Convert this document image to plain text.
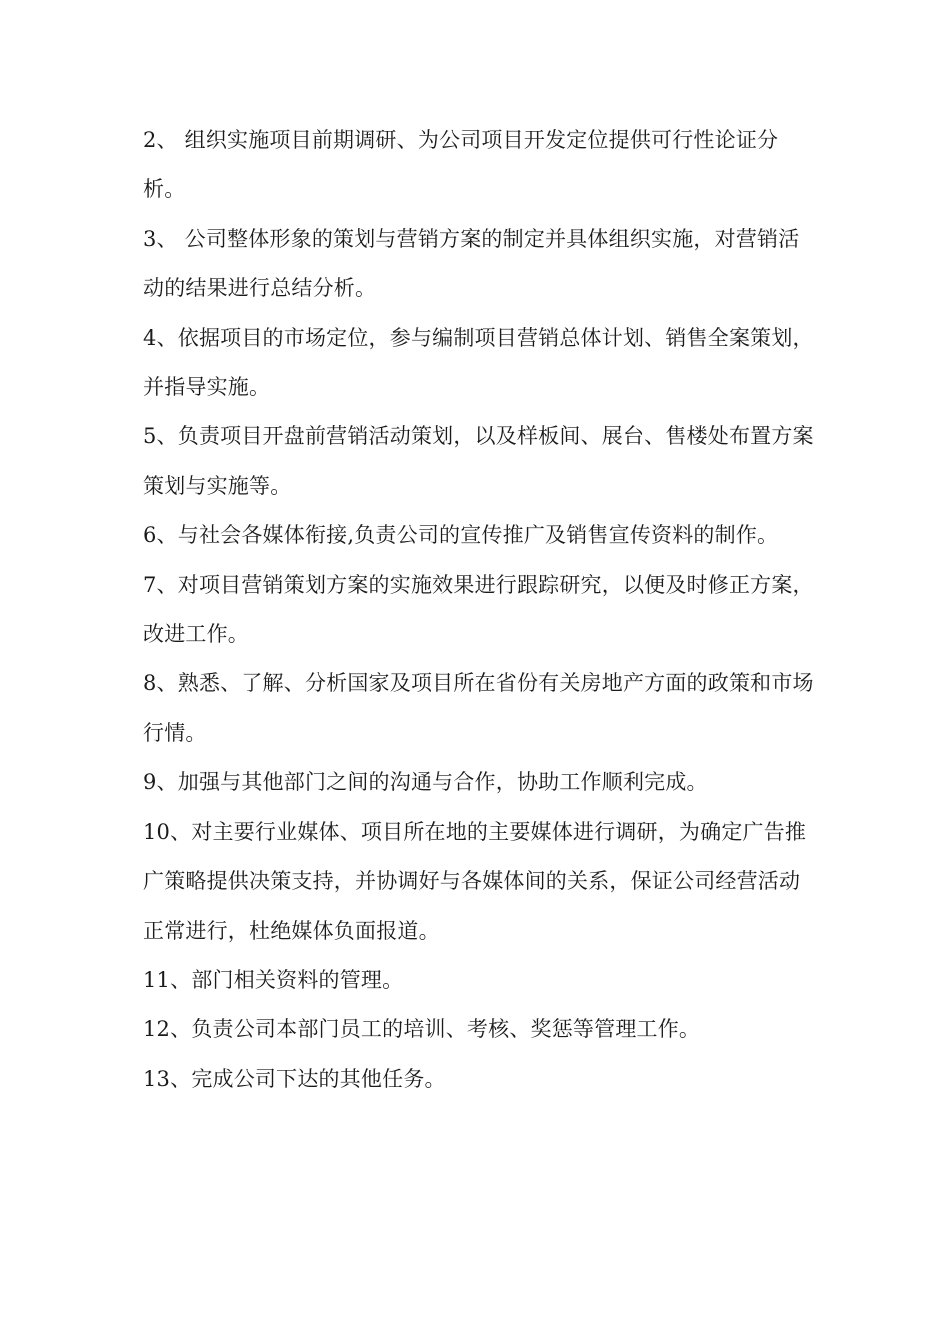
2、 组织实施项目前期调研、为公司项目开发定位提供可行性论证分析。

3、 公司整体形象的策划与营销方案的制定并具体组织实施，对营销活动的结果进行总结分析。

4、依据项目的市场定位，参与编制项目营销总体计划、销售全案策划，并指导实施。

5、负责项目开盘前营销活动策划，以及样板间、展台、售楼处布置方案策划与实施等。

6、与社会各媒体衔接,负责公司的宣传推广及销售宣传资料的制作。

7、对项目营销策划方案的实施效果进行跟踪研究，以便及时修正方案，改进工作。

8、熟悉、了解、分析国家及项目所在省份有关房地产方面的政策和市场行情。

9、加强与其他部门之间的沟通与合作，协助工作顺利完成。

10、对主要行业媒体、项目所在地的主要媒体进行调研，为确定广告推广策略提供决策支持，并协调好与各媒体间的关系，保证公司经营活动正常进行，杜绝媒体负面报道。

11、部门相关资料的管理。

12、负责公司本部门员工的培训、考核、奖惩等管理工作。

13、完成公司下达的其他任务。
